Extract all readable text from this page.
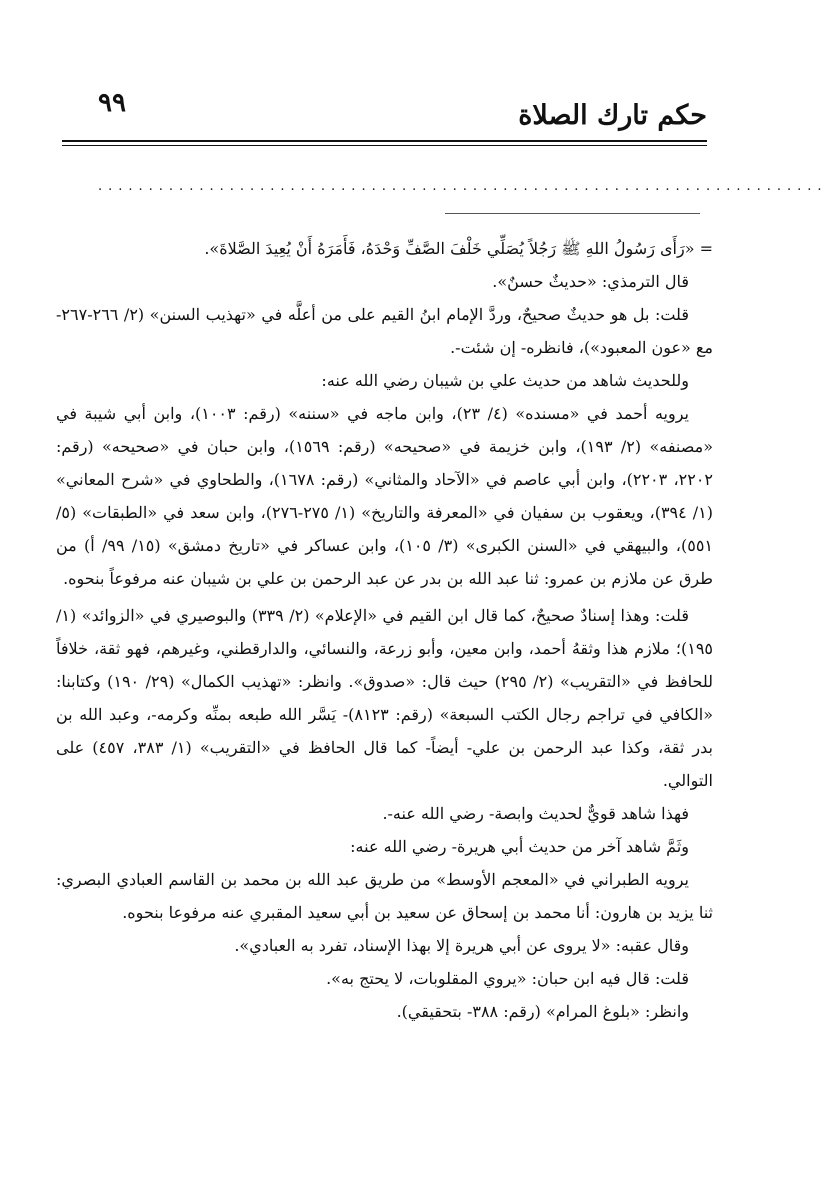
حكم تارك الصلاة
٩٩
........................................................................

= «رَأَى رَسُولُ اللهِ ﷺ رَجُلاً يُصَلِّي خَلْفَ الصَّفِّ وَحْدَهُ، فَأَمَرَهُ أَنْ يُعِيدَ الصَّلاةَ».

قال الترمذي: «حديثٌ حسنٌ».

قلت: بل هو حديثٌ صحيحٌ، وردَّ الإمام ابنُ القيم على من أعلَّه في «تهذيب السنن» (٢/ ٢٦٦-٢٦٧-مع «عون المعبود»)، فانظره- إن شئت-.

وللحديث شاهد من حديث علي بن شيبان رضي الله عنه:

يرويه أحمد في «مسنده» (٤/ ٢٣)، وابن ماجه في «سننه» (رقم: ١٠٠٣)، وابن أبي شيبة في «مصنفه» (٢/ ١٩٣)، وابن خزيمة في «صحيحه» (رقم: ١٥٦٩)، وابن حبان في «صحيحه» (رقم: ٢٢٠٢، ٢٢٠٣)، وابن أبي عاصم في «الآحاد والمثاني» (رقم: ١٦٧٨)، والطحاوي في «شرح المعاني» (١/ ٣٩٤)، ويعقوب بن سفيان في «المعرفة والتاريخ» (١/ ٢٧٥-٢٧٦)، وابن سعد في «الطبقات» (٥/ ٥٥١)، والبيهقي في «السنن الكبرى» (٣/ ١٠٥)، وابن عساكر في «تاريخ دمشق» (١٥/ ٩٩/ أ) من طرق عن ملازم بن عمرو: ثنا عبد الله بن بدر عن عبد الرحمن بن علي بن شيبان عنه مرفوعاً بنحوه.

قلت: وهذا إسنادٌ صحيحٌ، كما قال ابن القيم في «الإعلام» (٢/ ٣٣٩) والبوصيري في «الزوائد» (١/ ١٩٥)؛ ملازم هذا وثقهُ أحمد، وابن معين، وأبو زرعة، والنسائي، والدارقطني، وغيرهم، فهو ثقة، خلافاً للحافظ في «التقريب» (٢/ ٢٩٥) حيث قال: «صدوق». وانظر: «تهذيب الكمال» (٢٩/ ١٩٠) وكتابنا: «الكافي في تراجم رجال الكتب السبعة» (رقم: ٨١٢٣)- يَسَّر الله طبعه بمنِّه وكرمه-، وعبد الله بن بدر ثقة، وكذا عبد الرحمن بن علي- أيضاً- كما قال الحافظ في «التقريب» (١/ ٣٨٣، ٤٥٧) على التوالي.

فهذا شاهد قويٌّ لحديث وابصة- رضي الله عنه-.

وثَمَّ شاهد آخر من حديث أبي هريرة- رضي الله عنه:

يرويه الطبراني في «المعجم الأوسط» من طريق عبد الله بن محمد بن القاسم العبادي البصري: ثنا يزيد بن هارون: أنا محمد بن إسحاق عن سعيد بن أبي سعيد المقبري عنه مرفوعا بنحوه.

وقال عقبه: «لا يروى عن أبي هريرة إلا بهذا الإسناد، تفرد به العبادي».

قلت: قال فيه ابن حبان: «يروي المقلوبات، لا يحتج به».

وانظر: «بلوغ المرام» (رقم: ٣٨٨- بتحقيقي).
